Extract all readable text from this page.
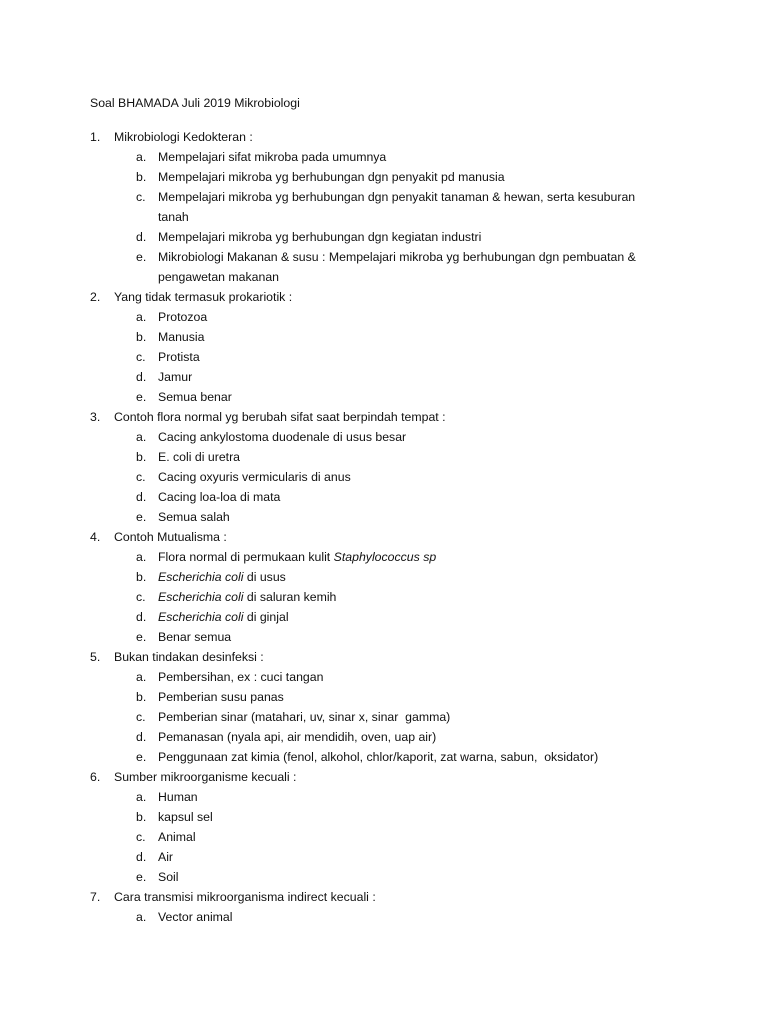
Soal BHAMADA Juli 2019 Mikrobiologi
1.	Mikrobiologi Kedokteran :
a. Mempelajari sifat mikroba pada umumnya
b. Mempelajari mikroba yg berhubungan dgn penyakit pd manusia
c.	Mempelajari mikroba yg berhubungan dgn penyakit tanaman & hewan, serta kesuburan tanah
d. Mempelajari mikroba yg berhubungan dgn kegiatan industri
e. Mikrobiologi Makanan & susu : Mempelajari mikroba yg berhubungan dgn pembuatan & pengawetan makanan
2.	Yang tidak termasuk prokariotik :
a. Protozoa
b. Manusia
c.	Protista
d. Jamur
e. Semua benar
3.	Contoh flora normal yg berubah sifat saat berpindah tempat :
a. Cacing ankylostoma duodenale di usus besar
b. E. coli di uretra
c.	Cacing oxyuris vermicularis di anus
d. Cacing loa-loa di mata
e. Semua salah
4.	Contoh Mutualisma :
a. Flora normal di permukaan kulit Staphylococcus sp
b. Escherichia coli di usus
c.	Escherichia coli di saluran kemih
d. Escherichia coli di ginjal
e. Benar semua
5.	Bukan tindakan desinfeksi :
a. Pembersihan, ex : cuci tangan
b. Pemberian susu panas
c.	Pemberian sinar (matahari, uv, sinar x, sinar  gamma)
d. Pemanasan (nyala api, air mendidih, oven, uap air)
e. Penggunaan zat kimia (fenol, alkohol, chlor/kaporit, zat warna, sabun,  oksidator)
6.	Sumber mikroorganisme kecuali :
a. Human
b. kapsul sel
c.	Animal
d. Air
e. Soil
7.	Cara transmisi mikroorganisma indirect kecuali :
a. Vector animal
